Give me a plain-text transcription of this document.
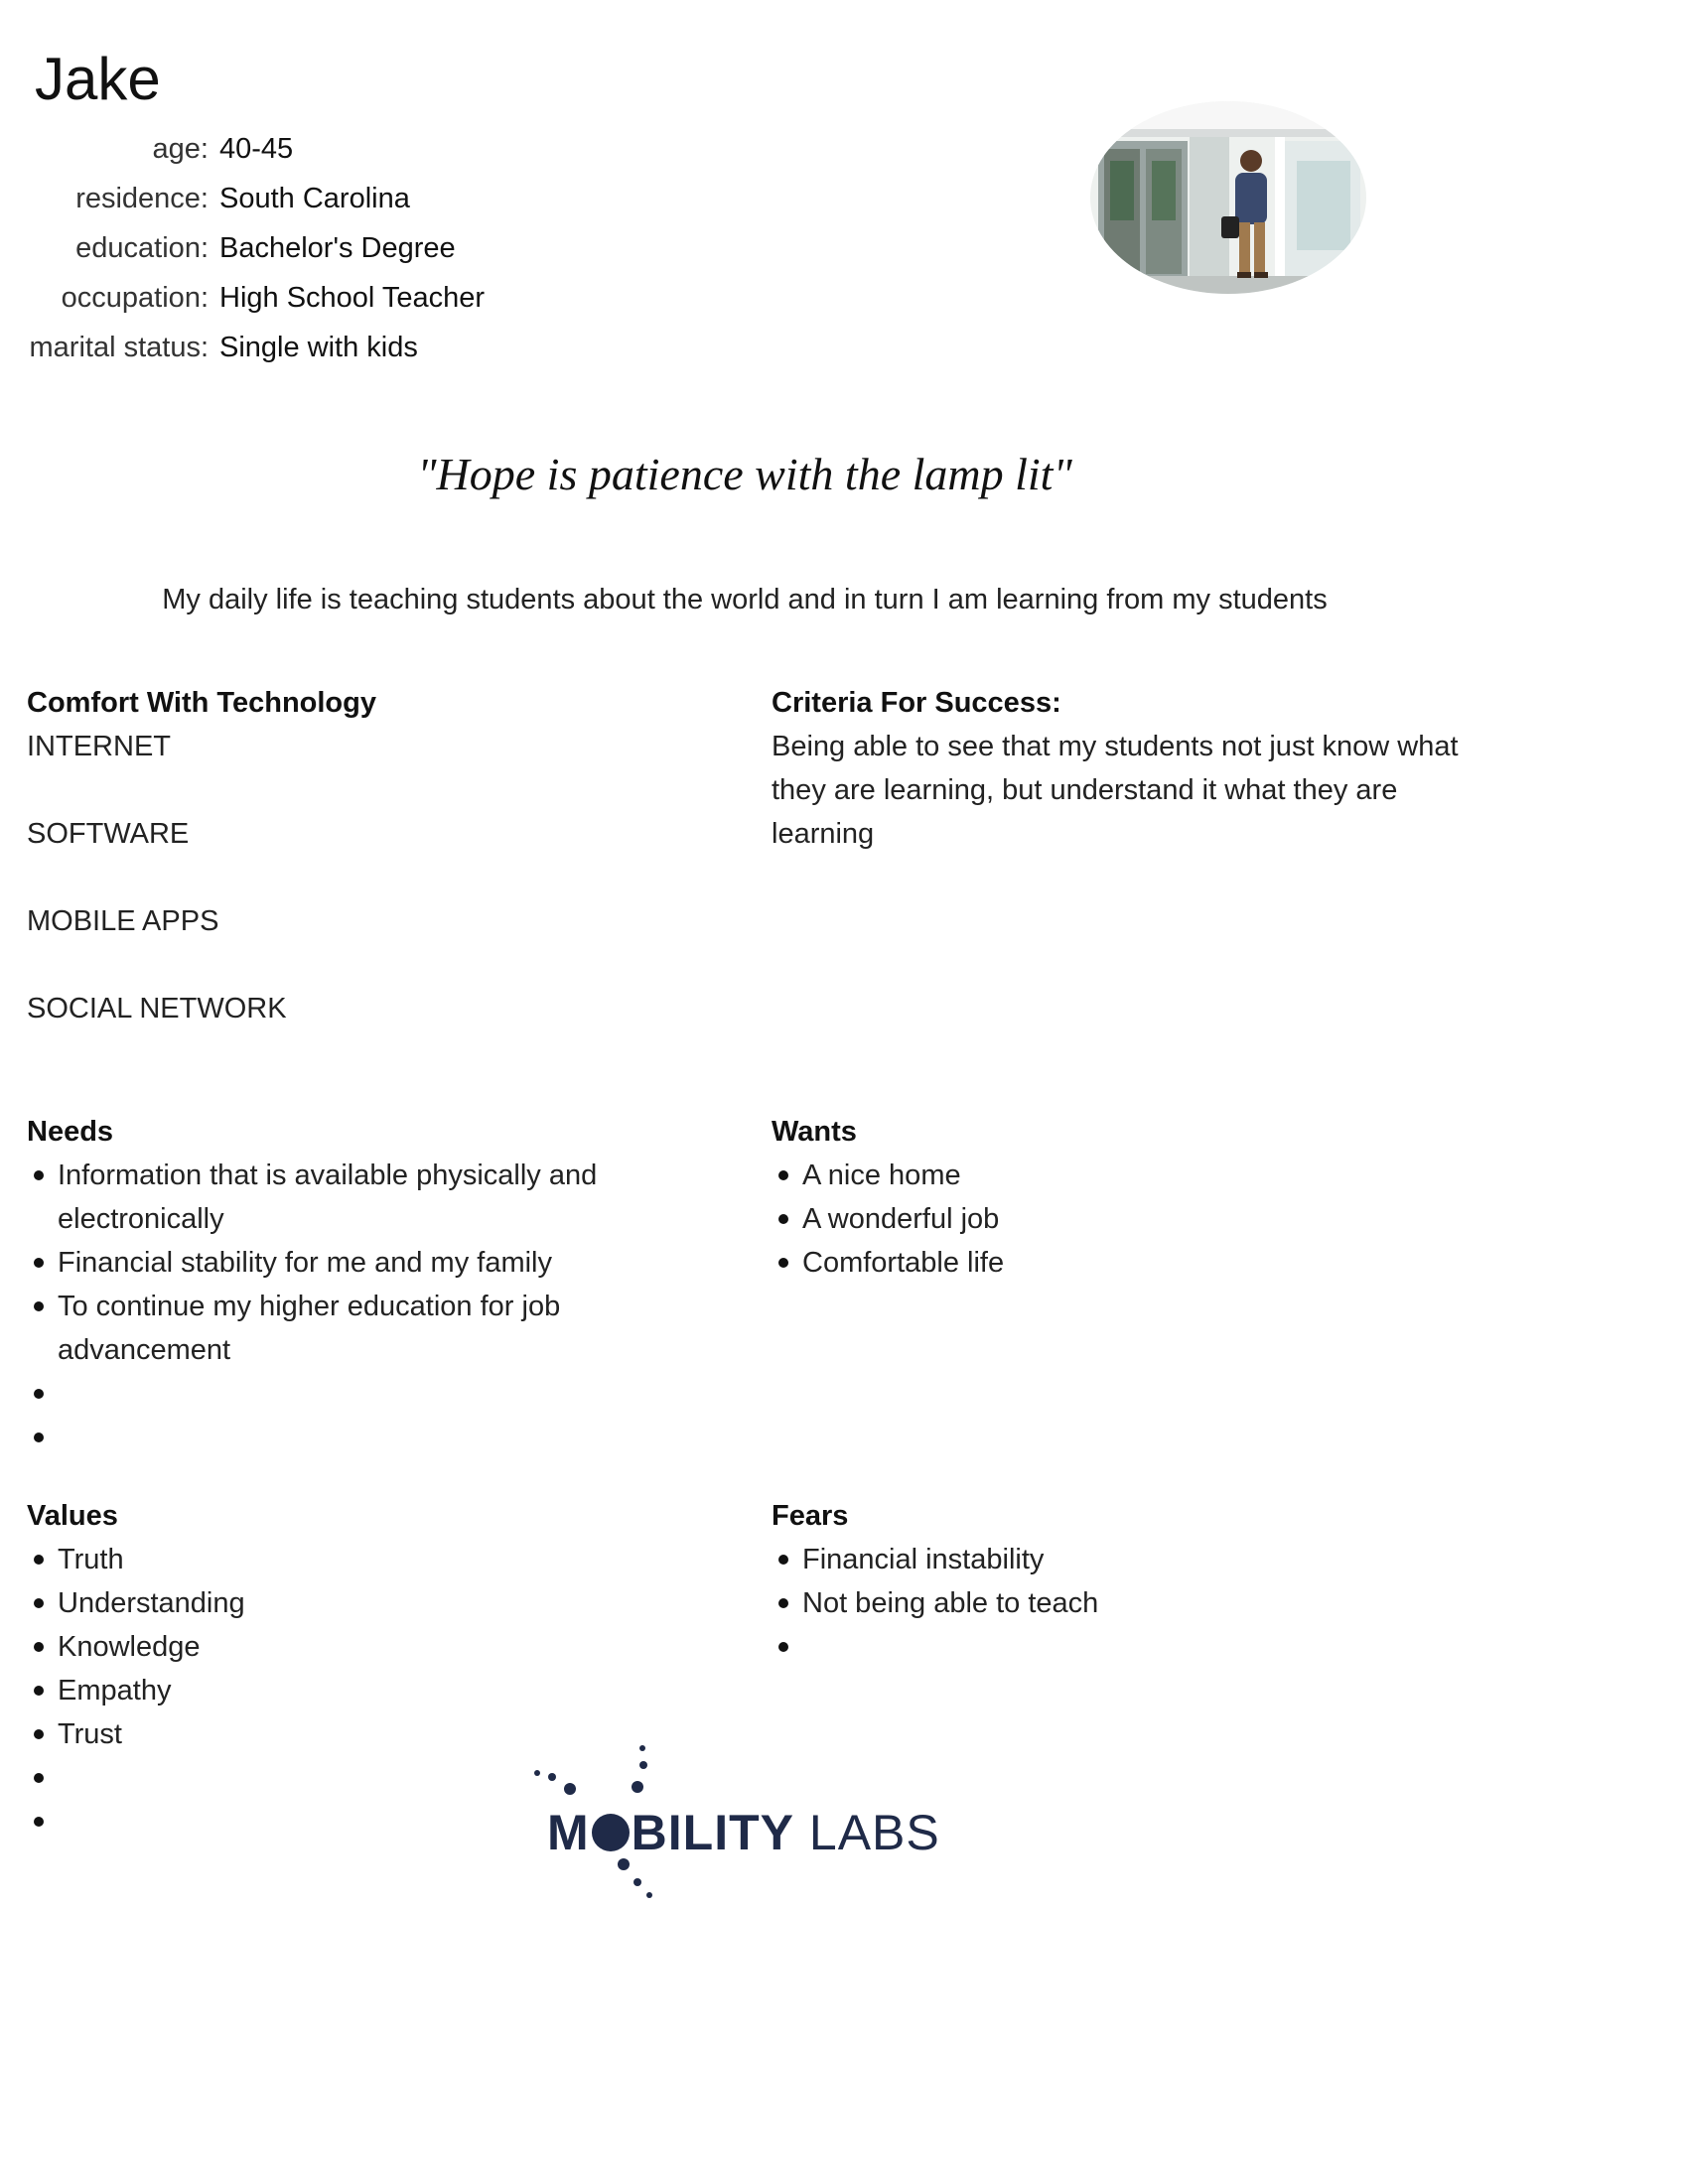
Jake
age: 40-45
residence: South Carolina
education: Bachelor's Degree
occupation: High School Teacher
marital status: Single with kids
"Hope is patience with the lamp lit"
My daily life is teaching students about the world and in turn I am learning from my students
Comfort With Technology
INTERNET
SOFTWARE
MOBILE APPS
SOCIAL NETWORK
Criteria For Success:

Being able to see that my students not just know what they are learning, but understand it what they are learning

Needs
Information that is available physically and electronically
Financial stability for me and my family
To continue my higher education for job advancement
Wants
A nice home
A wonderful job
Comfortable life
Values
Truth
Understanding
Knowledge
Empathy
Trust
Fears
Financial instability
Not being able to teach
M BILITY LABS
